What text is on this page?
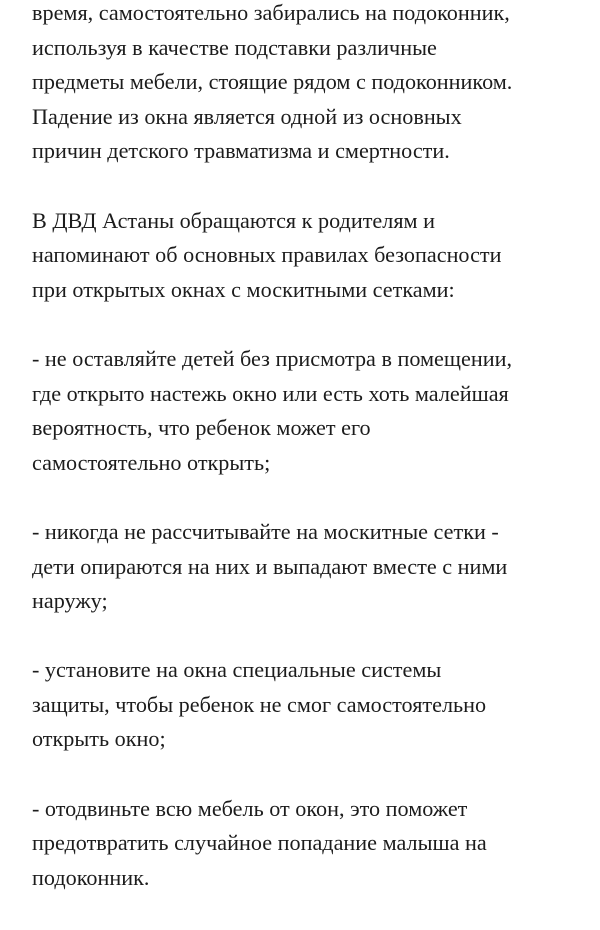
время, самостоятельно забирались на подоконник,
используя в качестве подставки различные
предметы мебели, стоящие рядом с подоконником.
Падение из окна является одной из основных
причин детского травматизма и смертности.

В ДВД Астаны обращаются к родителям и
напоминают об основных правилах безопасности
при открытых окнах с москитными сетками:

- не оставляйте детей без присмотра в помещении,
где открыто настежь окно или есть хоть малейшая
вероятность, что ребенок может его
самостоятельно открыть;

- никогда не рассчитывайте на москитные сетки -
дети опираются на них и выпадают вместе с ними
наружу;

- установите на окна специальные системы
защиты, чтобы ребенок не смог самостоятельно
открыть окно;

- отодвиньте всю мебель от окон, это поможет
предотвратить случайное попадание малыша на
подоконник.
